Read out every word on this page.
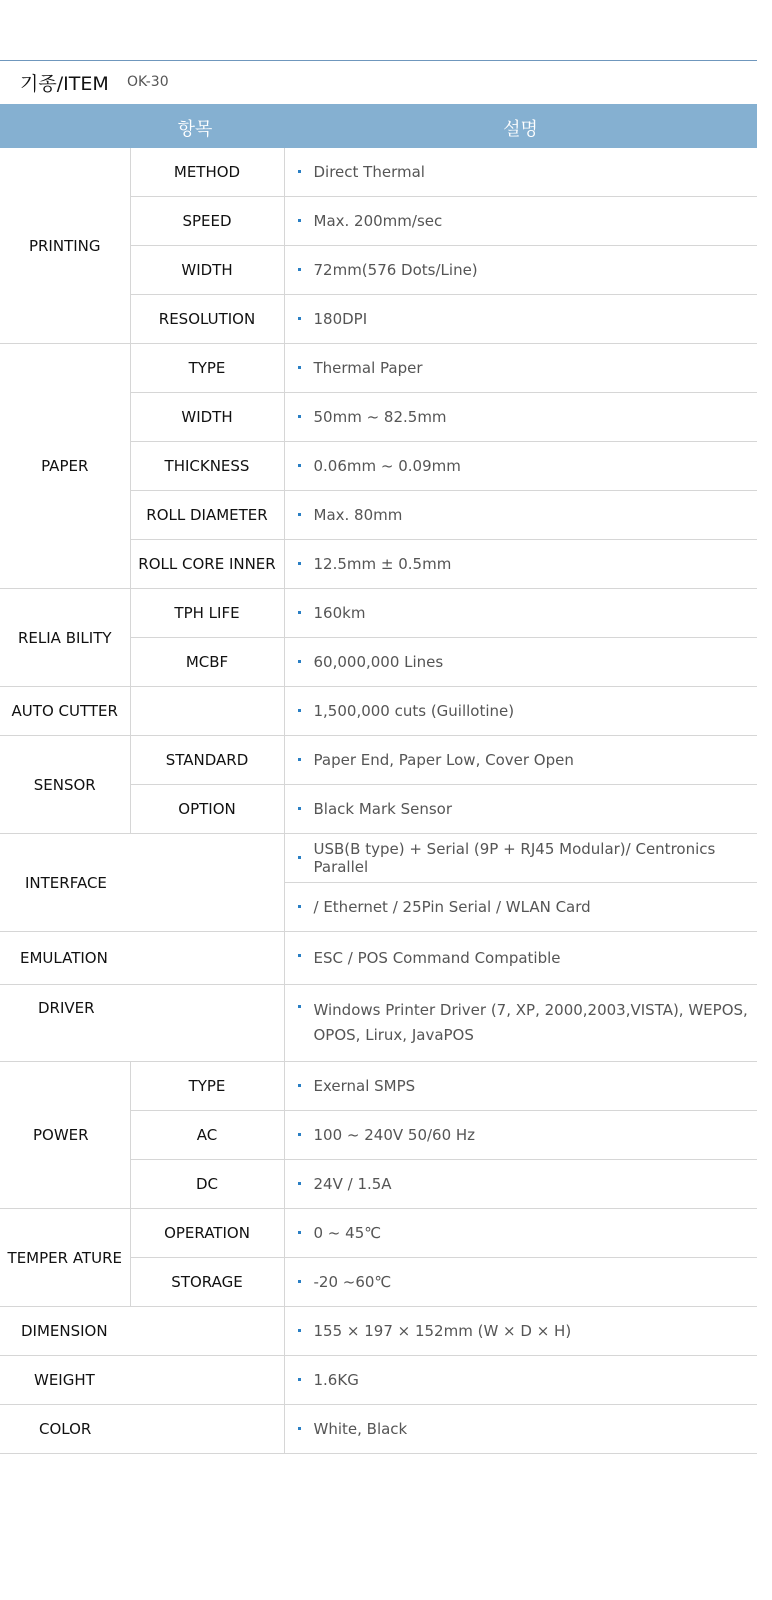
기종/ITEM OK-30
항목	설명
PRINTING	METHOD	Direct Thermal
	SPEED	Max. 200mm/sec
	WIDTH	72mm(576 Dots/Line)
	RESOLUTION	180DPI
PAPER	TYPE	Thermal Paper
	WIDTH	50mm ~ 82.5mm
	THICKNESS	0.06mm ~ 0.09mm
	ROLL DIAMETER	Max. 80mm
	ROLL CORE INNER	12.5mm ± 0.5mm
RELIA BILITY	TPH LIFE	160km
	MCBF	60,000,000 Lines
AUTO CUTTER		1,500,000 cuts (Guillotine)
SENSOR	STANDARD	Paper End, Paper Low, Cover Open
	OPTION	Black Mark Sensor
INTERFACE		USB(B type) + Serial (9P + RJ45 Modular)/ Centronics Parallel
		/ Ethernet / 25Pin Serial / WLAN Card
EMULATION		ESC / POS Command Compatible
DRIVER		Windows Printer Driver (7, XP, 2000,2003,VISTA), WEPOS, OPOS, Lirux, JavaPOS
POWER	TYPE	Exernal SMPS
	AC	100 ~ 240V 50/60 Hz
	DC	24V / 1.5A
TEMPER ATURE	OPERATION	0 ~ 45℃
	STORAGE	-20 ~60℃
DIMENSION		155 × 197 × 152mm (W × D × H)
WEIGHT		1.6KG
COLOR		White, Black
